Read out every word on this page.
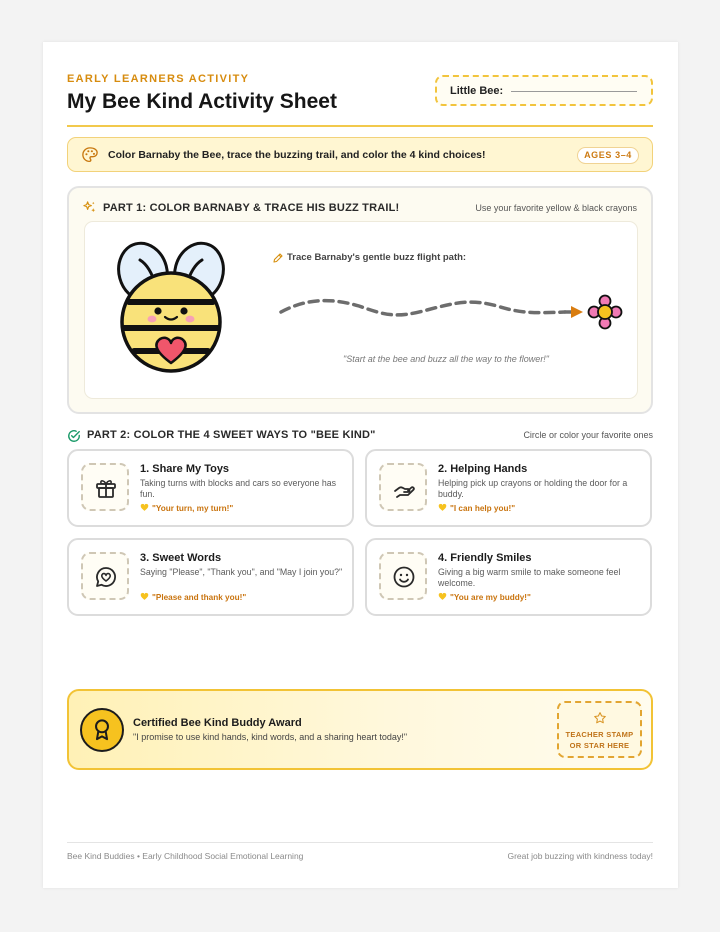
EARLY LEARNERS ACTIVITY
My Bee Kind Activity Sheet	Little Bee:
Color Barnaby the Bee, trace the buzzing trail, and color the 4 kind choices!	AGES 3–4
PART 1: COLOR BARNABY & TRACE HIS BUZZ TRAIL!	Use your favorite yellow & black crayons
Trace Barnaby's gentle buzz flight path:
"Start at the bee and buzz all the way to the flower!"
PART 2: COLOR THE 4 SWEET WAYS TO "BEE KIND"	Circle or color your favorite ones
1. Share My Toys
Taking turns with blocks and cars so everyone has fun.
"Your turn, my turn!"
2. Helping Hands
Helping pick up crayons or holding the door for a buddy.
"I can help you!"
3. Sweet Words
Saying "Please", "Thank you", and "May I join you?"
"Please and thank you!"
4. Friendly Smiles
Giving a big warm smile to make someone feel welcome.
"You are my buddy!"
Certified Bee Kind Buddy Award
"I promise to use kind hands, kind words, and a sharing heart today!"	TEACHER STAMP
OR STAR HERE
Bee Kind Buddies • Early Childhood Social Emotional Learning	Great job buzzing with kindness today!
